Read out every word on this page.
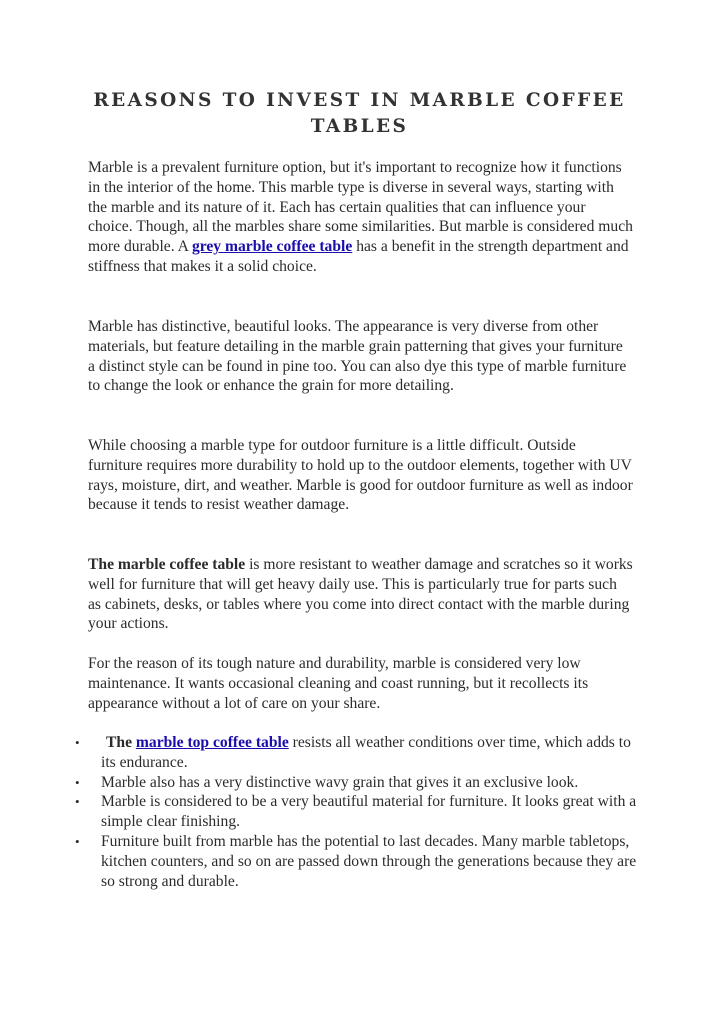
REASONS TO INVEST IN MARBLE COFFEE TABLES

Marble is a prevalent furniture option, but it's important to recognize how it functions in the interior of the home. This marble type is diverse in several ways, starting with the marble and its nature of it. Each has certain qualities that can influence your choice. Though, all the marbles share some similarities. But marble is considered much more durable. A grey marble coffee table has a benefit in the strength department and stiffness that makes it a solid choice.

Marble has distinctive, beautiful looks. The appearance is very diverse from other materials, but feature detailing in the marble grain patterning that gives your furniture a distinct style can be found in pine too. You can also dye this type of marble furniture to change the look or enhance the grain for more detailing.

While choosing a marble type for outdoor furniture is a little difficult. Outside furniture requires more durability to hold up to the outdoor elements, together with UV rays, moisture, dirt, and weather. Marble is good for outdoor furniture as well as indoor because it tends to resist weather damage.

The marble coffee table is more resistant to weather damage and scratches so it works well for furniture that will get heavy daily use. This is particularly true for parts such as cabinets, desks, or tables where you come into direct contact with the marble during your actions.

For the reason of its tough nature and durability, marble is considered very low maintenance. It wants occasional cleaning and coast running, but it recollects its appearance without a lot of care on your share.

• The marble top coffee table resists all weather conditions over time, which adds to its endurance.
• Marble also has a very distinctive wavy grain that gives it an exclusive look.
• Marble is considered to be a very beautiful material for furniture. It looks great with a simple clear finishing.
• Furniture built from marble has the potential to last decades. Many marble tabletops, kitchen counters, and so on are passed down through the generations because they are so strong and durable.
